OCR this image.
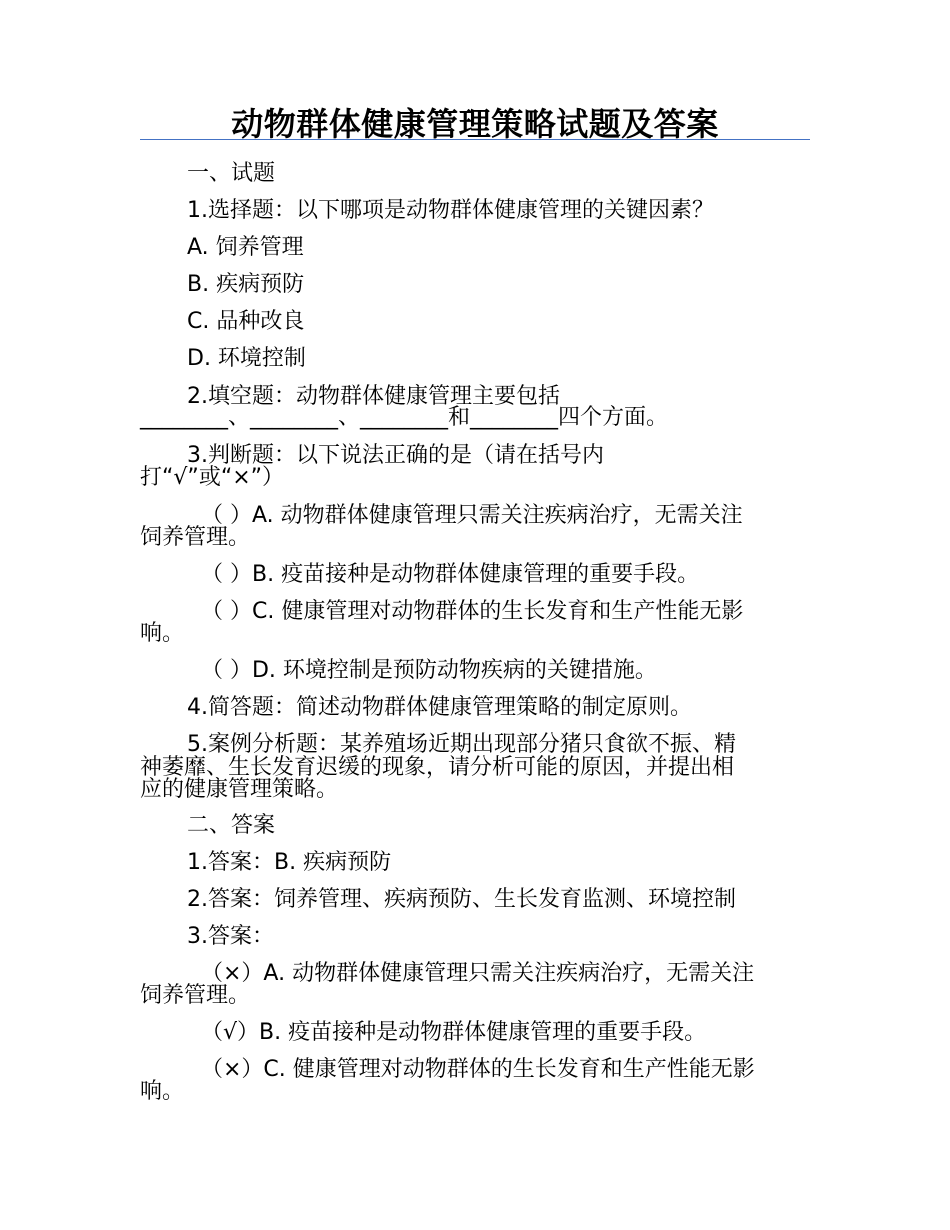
动物群体健康管理策略试题及答案
一、试题
1.选择题：以下哪项是动物群体健康管理的关键因素？
A. 饲养管理
B. 疾病预防
C. 品种改良
D. 环境控制
2.填空题：动物群体健康管理主要包括
________、________、________和________四个方面。
3.判断题：以下说法正确的是（请在括号内
打“√”或“×”）
（ ）A. 动物群体健康管理只需关注疾病治疗，无需关注
饲养管理。
（ ）B. 疫苗接种是动物群体健康管理的重要手段。
（ ）C. 健康管理对动物群体的生长发育和生产性能无影
响。
（ ）D. 环境控制是预防动物疾病的关键措施。
4.简答题：简述动物群体健康管理策略的制定原则。
5.案例分析题：某养殖场近期出现部分猪只食欲不振、精
神萎靡、生长发育迟缓的现象，请分析可能的原因，并提出相
应的健康管理策略。
二、答案
1.答案：B. 疾病预防
2.答案：饲养管理、疾病预防、生长发育监测、环境控制
3.答案：
（×）A. 动物群体健康管理只需关注疾病治疗，无需关注
饲养管理。
（√）B. 疫苗接种是动物群体健康管理的重要手段。
（×）C. 健康管理对动物群体的生长发育和生产性能无影
响。
